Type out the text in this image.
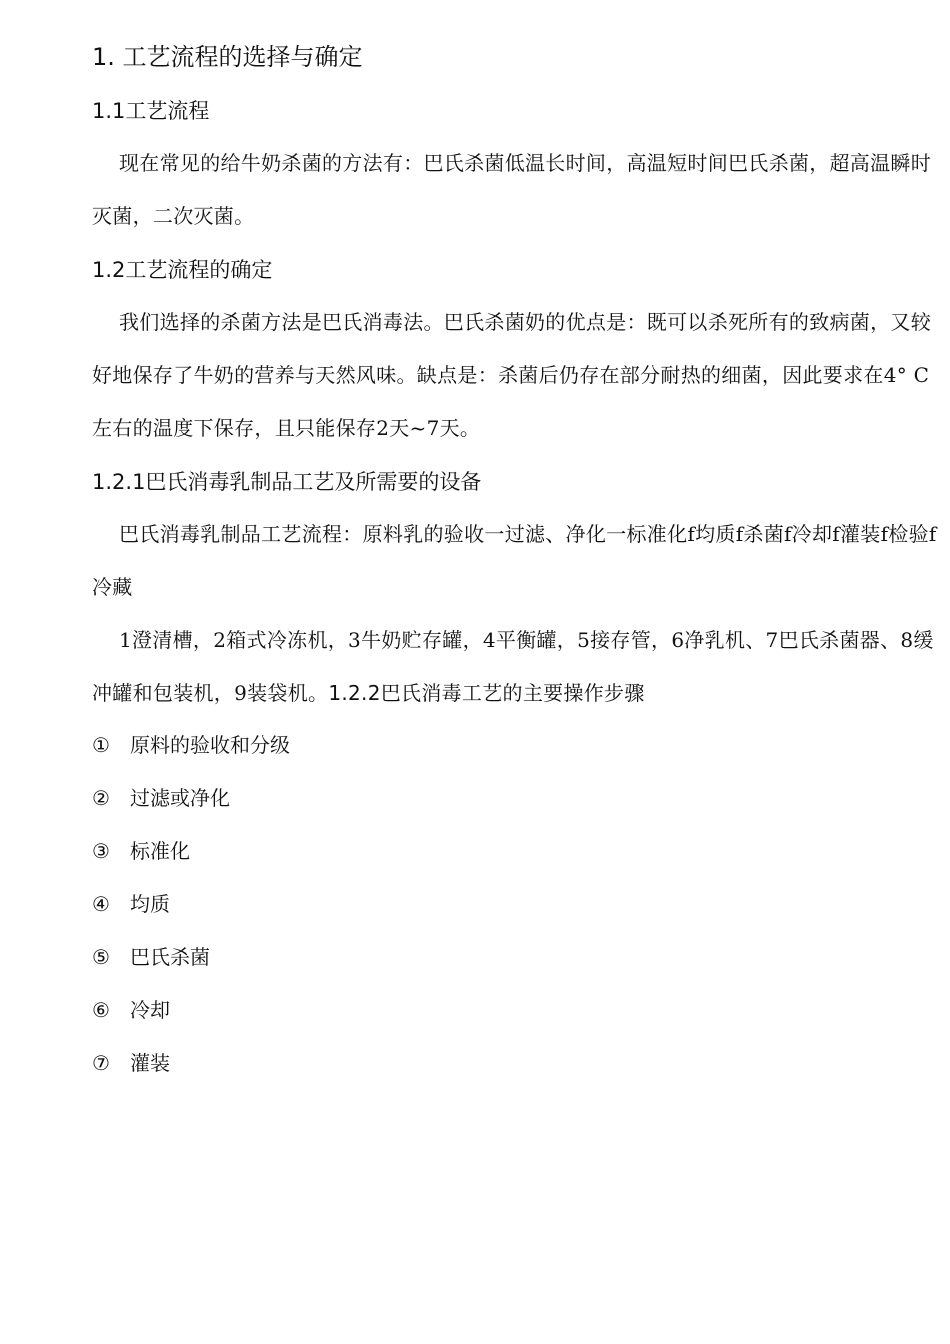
1. 工艺流程的选择与确定
1.1工艺流程
现在常见的给牛奶杀菌的方法有：巴氏杀菌低温长时间，高温短时间巴氏杀菌，超高温瞬时灭菌，二次灭菌。
1.2工艺流程的确定
我们选择的杀菌方法是巴氏消毒法。巴氏杀菌奶的优点是：既可以杀死所有的致病菌，又较好地保存了牛奶的营养与天然风味。缺点是：杀菌后仍存在部分耐热的细菌，因此要求在4° C左右的温度下保存，且只能保存2天~7天。
1.2.1巴氏消毒乳制品工艺及所需要的设备
巴氏消毒乳制品工艺流程：原料乳的验收一过滤、净化一标准化f均质f杀菌f冷却f灌装f检验f冷藏
1澄清槽，2箱式冷冻机，3牛奶贮存罐，4平衡罐，5接存管，6净乳机、7巴氏杀菌器、8缓冲罐和包装机，9装袋机。1.2.2巴氏消毒工艺的主要操作步骤
① 原料的验收和分级
② 过滤或净化
③ 标准化
④ 均质
⑤ 巴氏杀菌
⑥ 冷却
⑦ 灌装
